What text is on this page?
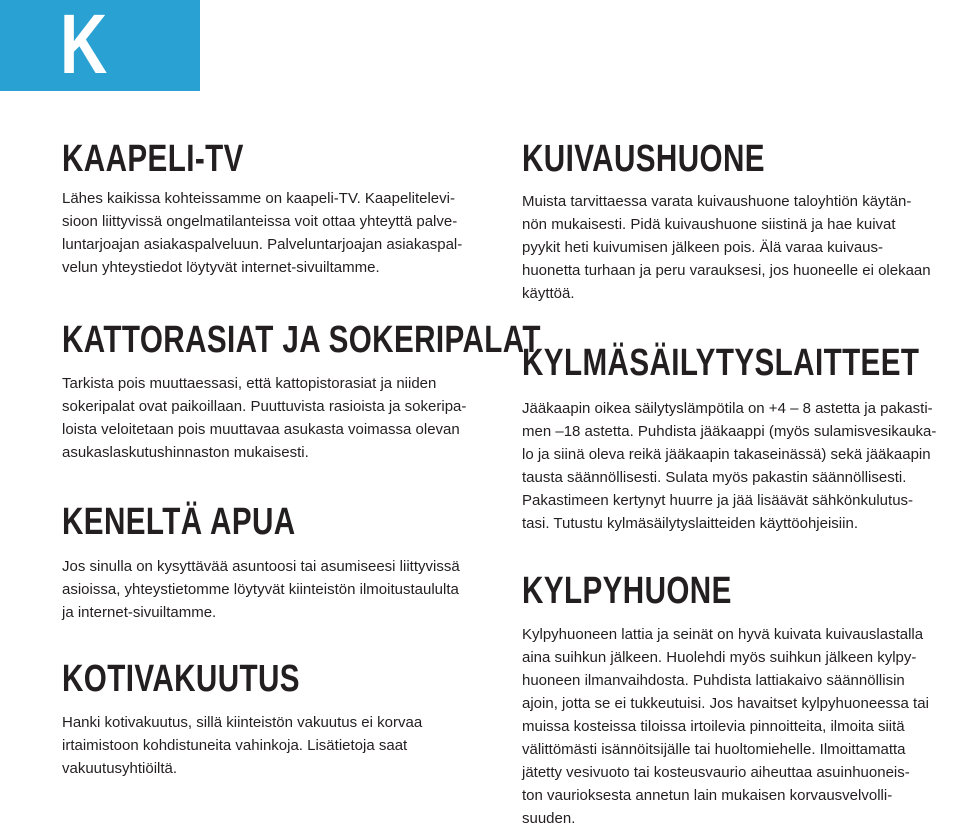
K
KAAPELI-TV

Lähes kaikissa kohteissamme on kaapeli-TV. Kaapelitelevi-
sioon liittyvissä ongelmatilanteissa voit ottaa yhteyttä palve-
luntarjoajan asiakaspalveluun. Palveluntarjoajan asiakaspal-
velun yhteystiedot löytyvät internet-sivuiltamme.

KATTORASIAT JA SOKERIPALAT

Tarkista pois muuttaessasi, että kattopistorasiat ja niiden
sokeripalat ovat paikoillaan. Puuttuvista rasioista ja sokeripa-
loista veloitetaan pois muuttavaa asukasta voimassa olevan
asukaslaskutushinnaston mukaisesti.

KENELTÄ APUA

Jos sinulla on kysyttävää asuntoosi tai asumiseesi liittyvissä
asioissa, yhteystietomme löytyvät kiinteistön ilmoitustaululta
ja internet-sivuiltamme.

KOTIVAKUUTUS

Hanki kotivakuutus, sillä kiinteistön vakuutus ei korvaa
irtaimistoon kohdistuneita vahinkoja. Lisätietoja saat
vakuutusyhtiöiltä.

KUIVAUSHUONE

Muista tarvittaessa varata kuivaushuone taloyhtiön käytän-
nön mukaisesti. Pidä kuivaushuone siistinä ja hae kuivat
pyykit heti kuivumisen jälkeen pois. Älä varaa kuivaus-
huonetta turhaan ja peru varauksesi, jos huoneelle ei olekaan
käyttöä.

KYLMÄSÄILYTYSLAITTEET

Jääkaapin oikea säilytyslämpötila on +4 – 8 astetta ja pakasti-
men –18 astetta. Puhdista jääkaappi (myös sulamisvesikauka-
lo ja siinä oleva reikä jääkaapin takaseinässä) sekä jääkaapin
tausta säännöllisesti. Sulata myös pakastin säännöllisesti.
Pakastimeen kertynyt huurre ja jää lisäävät sähkönkulutus-
tasi. Tutustu kylmäsäilytyslaitteiden käyttöohjeisiin.

KYLPYHUONE

Kylpyhuoneen lattia ja seinät on hyvä kuivata kuivauslastalla
aina suihkun jälkeen. Huolehdi myös suihkun jälkeen kylpy-
huoneen ilmanvaihdosta. Puhdista lattiakaivo säännöllisin
ajoin, jotta se ei tukkeutuisi. Jos havaitset kylpyhuoneessa tai
muissa kosteissa tiloissa irtoilevia pinnoitteita, ilmoita siitä
välittömästi isännöitsijälle tai huoltomiehelle. Ilmoittamatta
jätetty vesivuoto tai kosteusvaurio aiheuttaa asuinhuoneis-
ton vaurioksesta annetun lain mukaisen korvausvelvolli-
suuden.
